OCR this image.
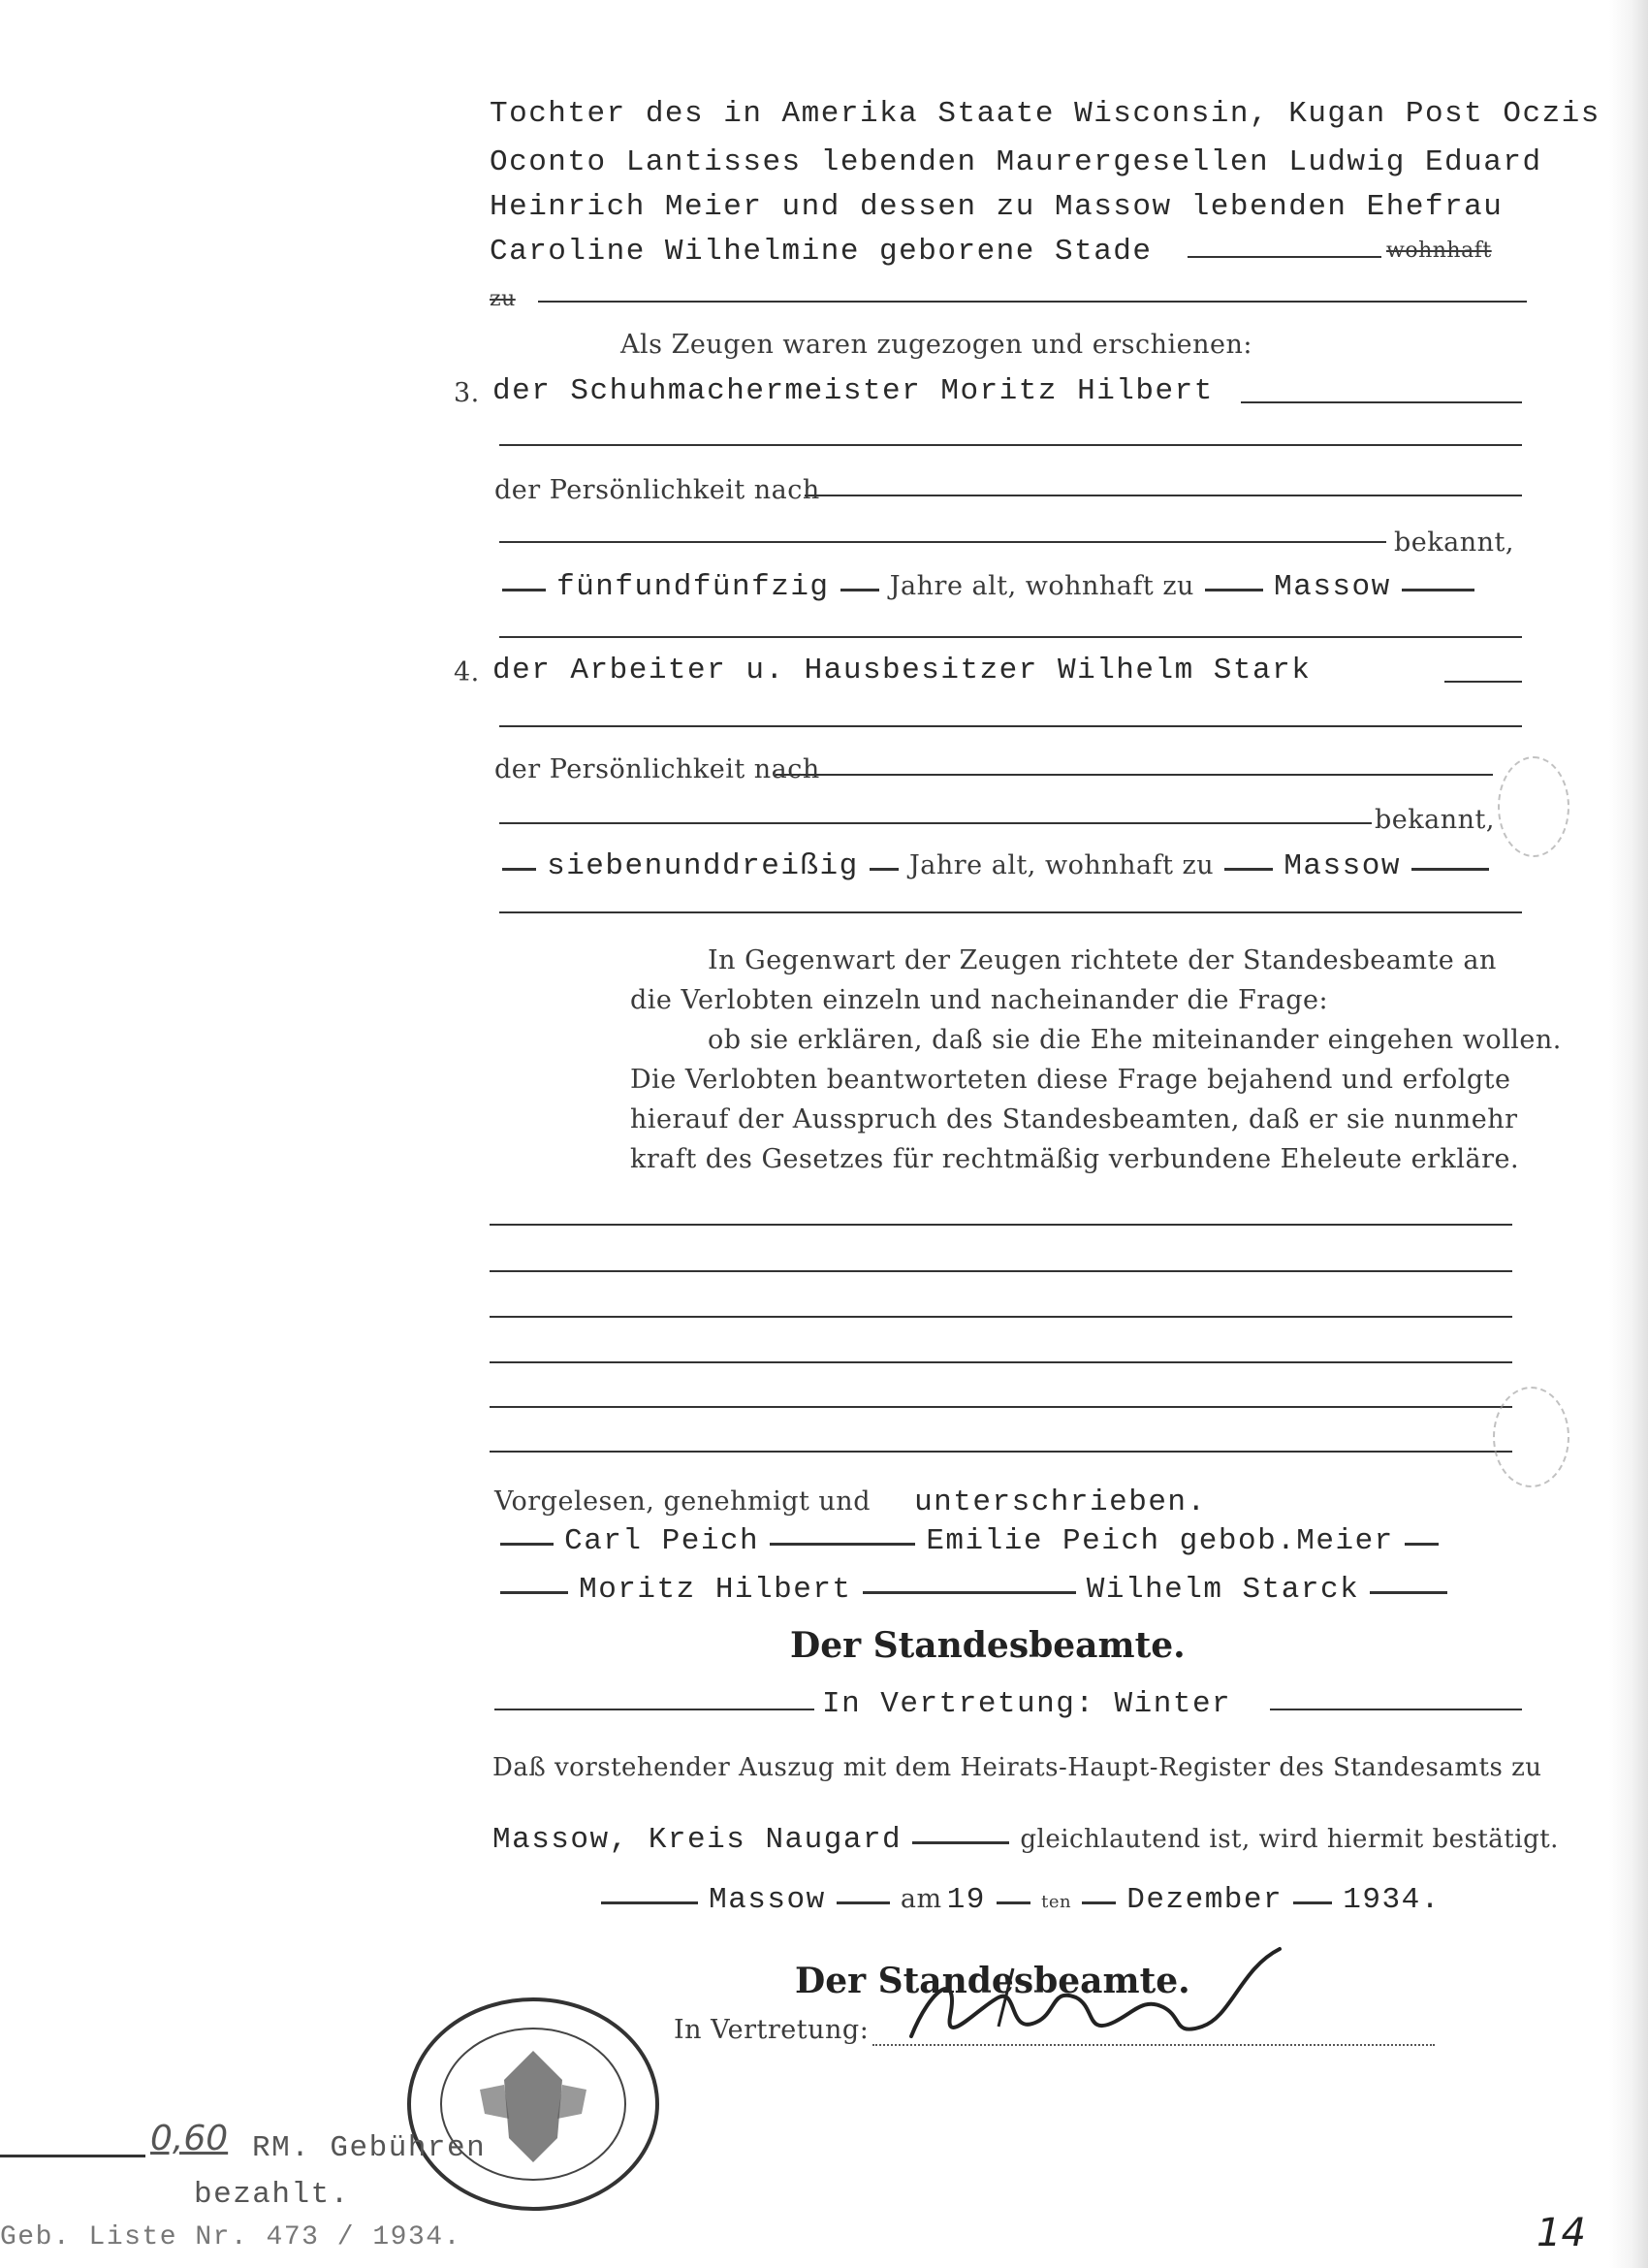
Tochter des in Amerika Staate Wisconsin, Kugan Post Oczis
Oconto Lantisses lebenden Maurergesellen Ludwig Eduard
Heinrich Meier und dessen zu Massow lebenden Ehefrau
Caroline Wilhelmine geborene Stade	wohnhaft
zu
Als Zeugen waren zugezogen und erschienen:
3. der Schuhmachermeister Moritz Hilbert
der Persönlichkeit nach
bekannt,
fünfundfünfzig Jahre alt, wohnhaft zu	Massow
4. der Arbeiter u. Hausbesitzer Wilhelm Stark
der Persönlichkeit nach
bekannt,
siebenunddreißig Jahre alt, wohnhaft zu Massow
In Gegenwart der Zeugen richtete der Standesbeamte an
die Verlobten einzeln und nacheinander die Frage:
ob sie erklären, daß sie die Ehe miteinander eingehen wollen.
Die Verlobten beantworteten diese Frage bejahend und erfolgte
hierauf der Ausspruch des Standesbeamten, daß er sie nunmehr
kraft des Gesetzes für rechtmäßig verbundene Eheleute erkläre.
Vorgelesen, genehmigt und unterschrieben.
Carl Peich	Emilie Peich gebob.Meier
Moritz Hilbert	Wilhelm Starck
Der Standesbeamte.
In Vertretung: Winter
Daß vorstehender Auszug mit dem Heirats-Haupt-Register des Standesamts zu
Massow, Kreis Naugard	gleichlautend ist, wird hiermit bestätigt.
Massow	am 19	ten Dezember 1934.
Der Standesbeamte.
In Vertretung:
0,60 RM. Gebühren
bezahlt.
Geb. Liste Nr. 473 / 1934.	14
